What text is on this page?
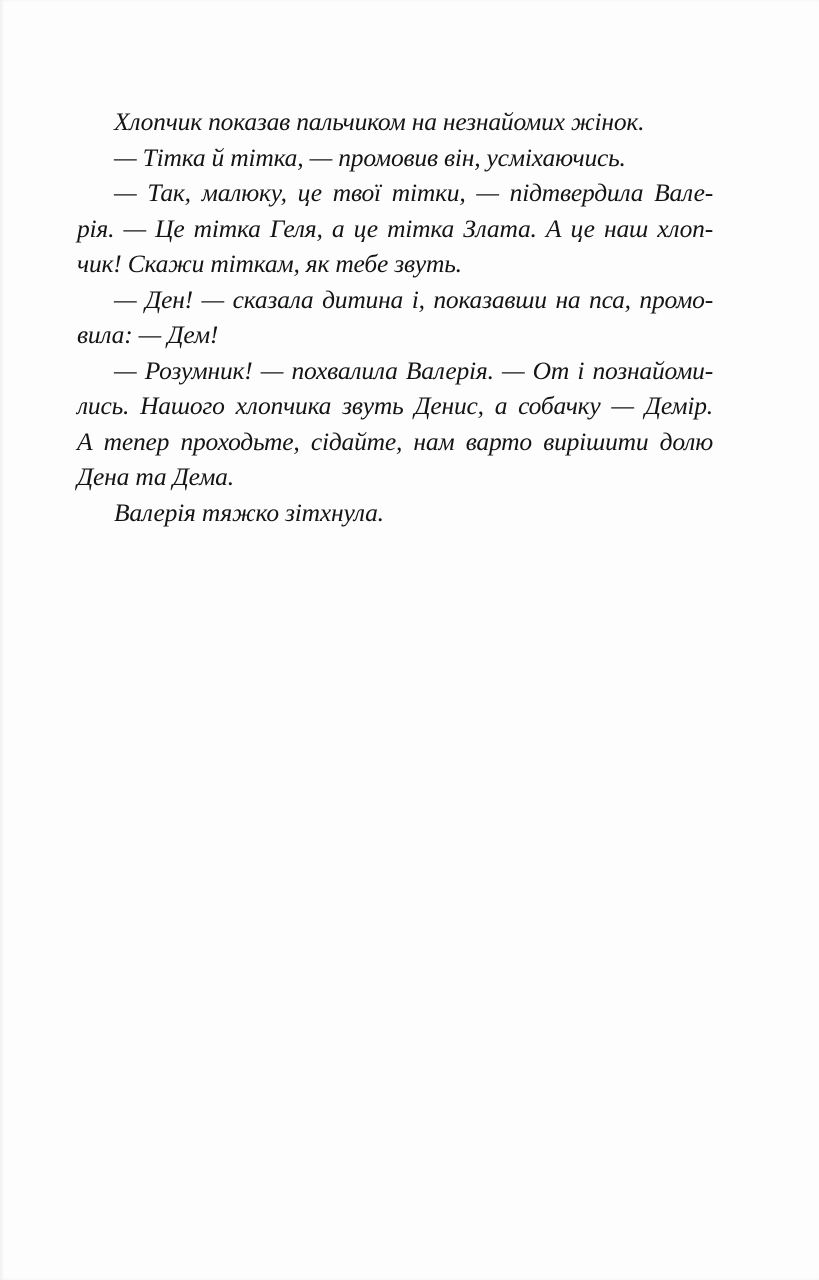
Хлопчик показав пальчиком на незнайомих жінок.
— Тітка й тітка, — промовив він, усміхаючись.
— Так, малюку, це твої тітки, — підтвердила Вале-
рія. — Це тітка Геля, а це тітка Злата. А це наш хлоп-
чик! Скажи тіткам, як тебе звуть.
— Ден! — сказала дитина і, показавши на пса, промо-
вила: — Дем!
— Розумник! — похвалила Валерія. — От і познайоми-
лись. Нашого хлопчика звуть Денис, а собачку — Демір.
А тепер проходьте, сідайте, нам варто вирішити долю
Дена та Дема.
Валерія тяжко зітхнула.
